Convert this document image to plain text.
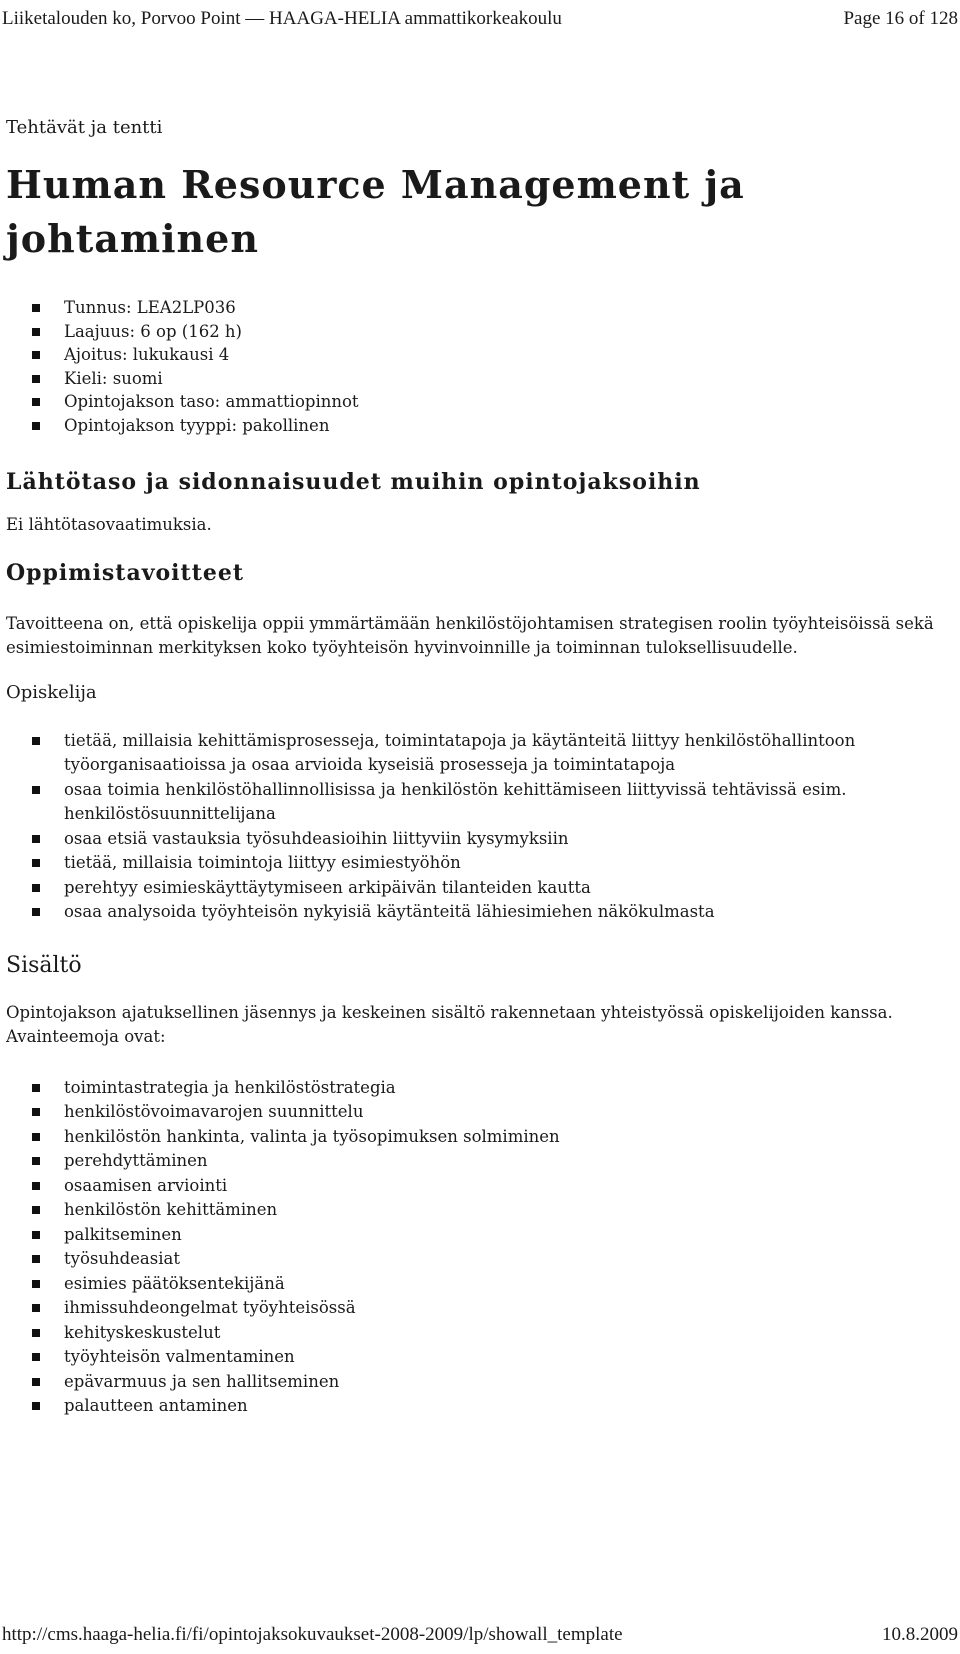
Liiketalouden ko, Porvoo Point — HAAGA-HELIA ammattikorkeakoulu	Page 16 of 128
Tehtävät ja tentti
Human Resource Management ja johtaminen
Tunnus: LEA2LP036
Laajuus: 6 op (162 h)
Ajoitus: lukukausi 4
Kieli: suomi
Opintojakson taso: ammattiopinnot
Opintojakson tyyppi: pakollinen
Lähtötaso ja sidonnaisuudet muihin opintojaksoihin

Ei lähtötasovaatimuksia.

Oppimistavoitteet

Tavoitteena on, että opiskelija oppii ymmärtämään henkilöstöjohtamisen strategisen roolin työyhteisöissä sekä esimiestoiminnan merkityksen koko työyhteisön hyvinvoinnille ja toiminnan tuloksellisuudelle.

Opiskelija
tietää, millaisia kehittämisprosesseja, toimintatapoja ja käytänteitä liittyy henkilöstöhallintoon työorganisaatioissa ja osaa arvioida kyseisiä prosesseja ja toimintatapoja
osaa toimia henkilöstöhallinnollisissa ja henkilöstön kehittämiseen liittyvissä tehtävissä esim. henkilöstösuunnittelijana
osaa etsiä vastauksia työsuhdeasioihin liittyviin kysymyksiin
tietää, millaisia toimintoja liittyy esimiestyöhön
perehtyy esimieskäyttäytymiseen arkipäivän tilanteiden kautta
osaa analysoida työyhteisön nykyisiä käytänteitä lähiesimiehen näkökulmasta
Sisältö

Opintojakson ajatuksellinen jäsennys ja keskeinen sisältö rakennetaan yhteistyössä opiskelijoiden kanssa. Avainteemoja ovat:

toimintastrategia ja henkilöstöstrategia
henkilöstövoimavarojen suunnittelu
henkilöstön hankinta, valinta ja työsopimuksen solmiminen
perehdyttäminen
osaamisen arviointi
henkilöstön kehittäminen
palkitseminen
työsuhdeasiat
esimies päätöksentekijänä
ihmissuhdeongelmat työyhteisössä
kehityskeskustelut
työyhteisön valmentaminen
epävarmuus ja sen hallitseminen
palautteen antaminen
http://cms.haaga-helia.fi/fi/opintojaksokuvaukset-2008-2009/lp/showall_template	10.8.2009
